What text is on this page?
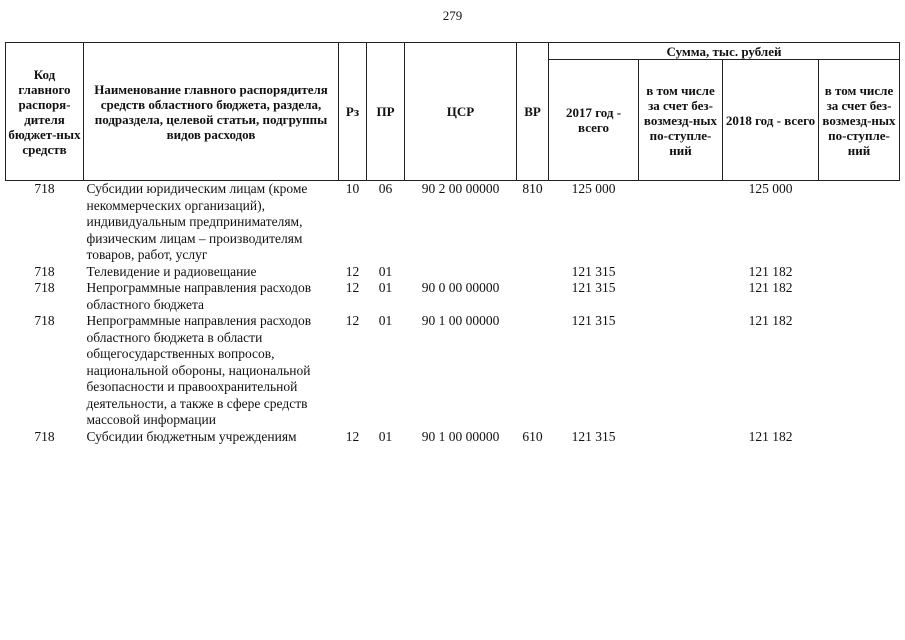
279
Код главного распоря-дителя бюджет-ных средств	Наименование главного распорядителя средств областного бюджета, раздела, подраздела, целевой статьи, подгруппы видов расходов	Рз	ПР	ЦСР	ВР	Сумма, тыс. рублей			
						2017 год - всего	в том числе за счет без-возмезд-ных по-ступле-ний	2018 год - всего	в том числе за счет без-возмезд-ных по-ступле-ний
718	Субсидии юридическим лицам (кроме некоммерческих организаций), индивидуальным предпринимателям, физическим лицам – производителям товаров, работ, услуг	10	06	90 2 00 00000	810	125 000		125 000	
718	Телевидение и радиовещание	12	01			121 315		121 182	
718	Непрограммные направления расходов областного бюджета	12	01	90 0 00 00000		121 315		121 182	
718	Непрограммные направления расходов областного бюджета в области общегосударственных вопросов, национальной обороны, национальной безопасности и правоохранительной деятельности, а также в сфере средств массовой информации	12	01	90 1 00 00000		121 315		121 182	
718	Субсидии бюджетным учреждениям	12	01	90 1 00 00000	610	121 315		121 182	
